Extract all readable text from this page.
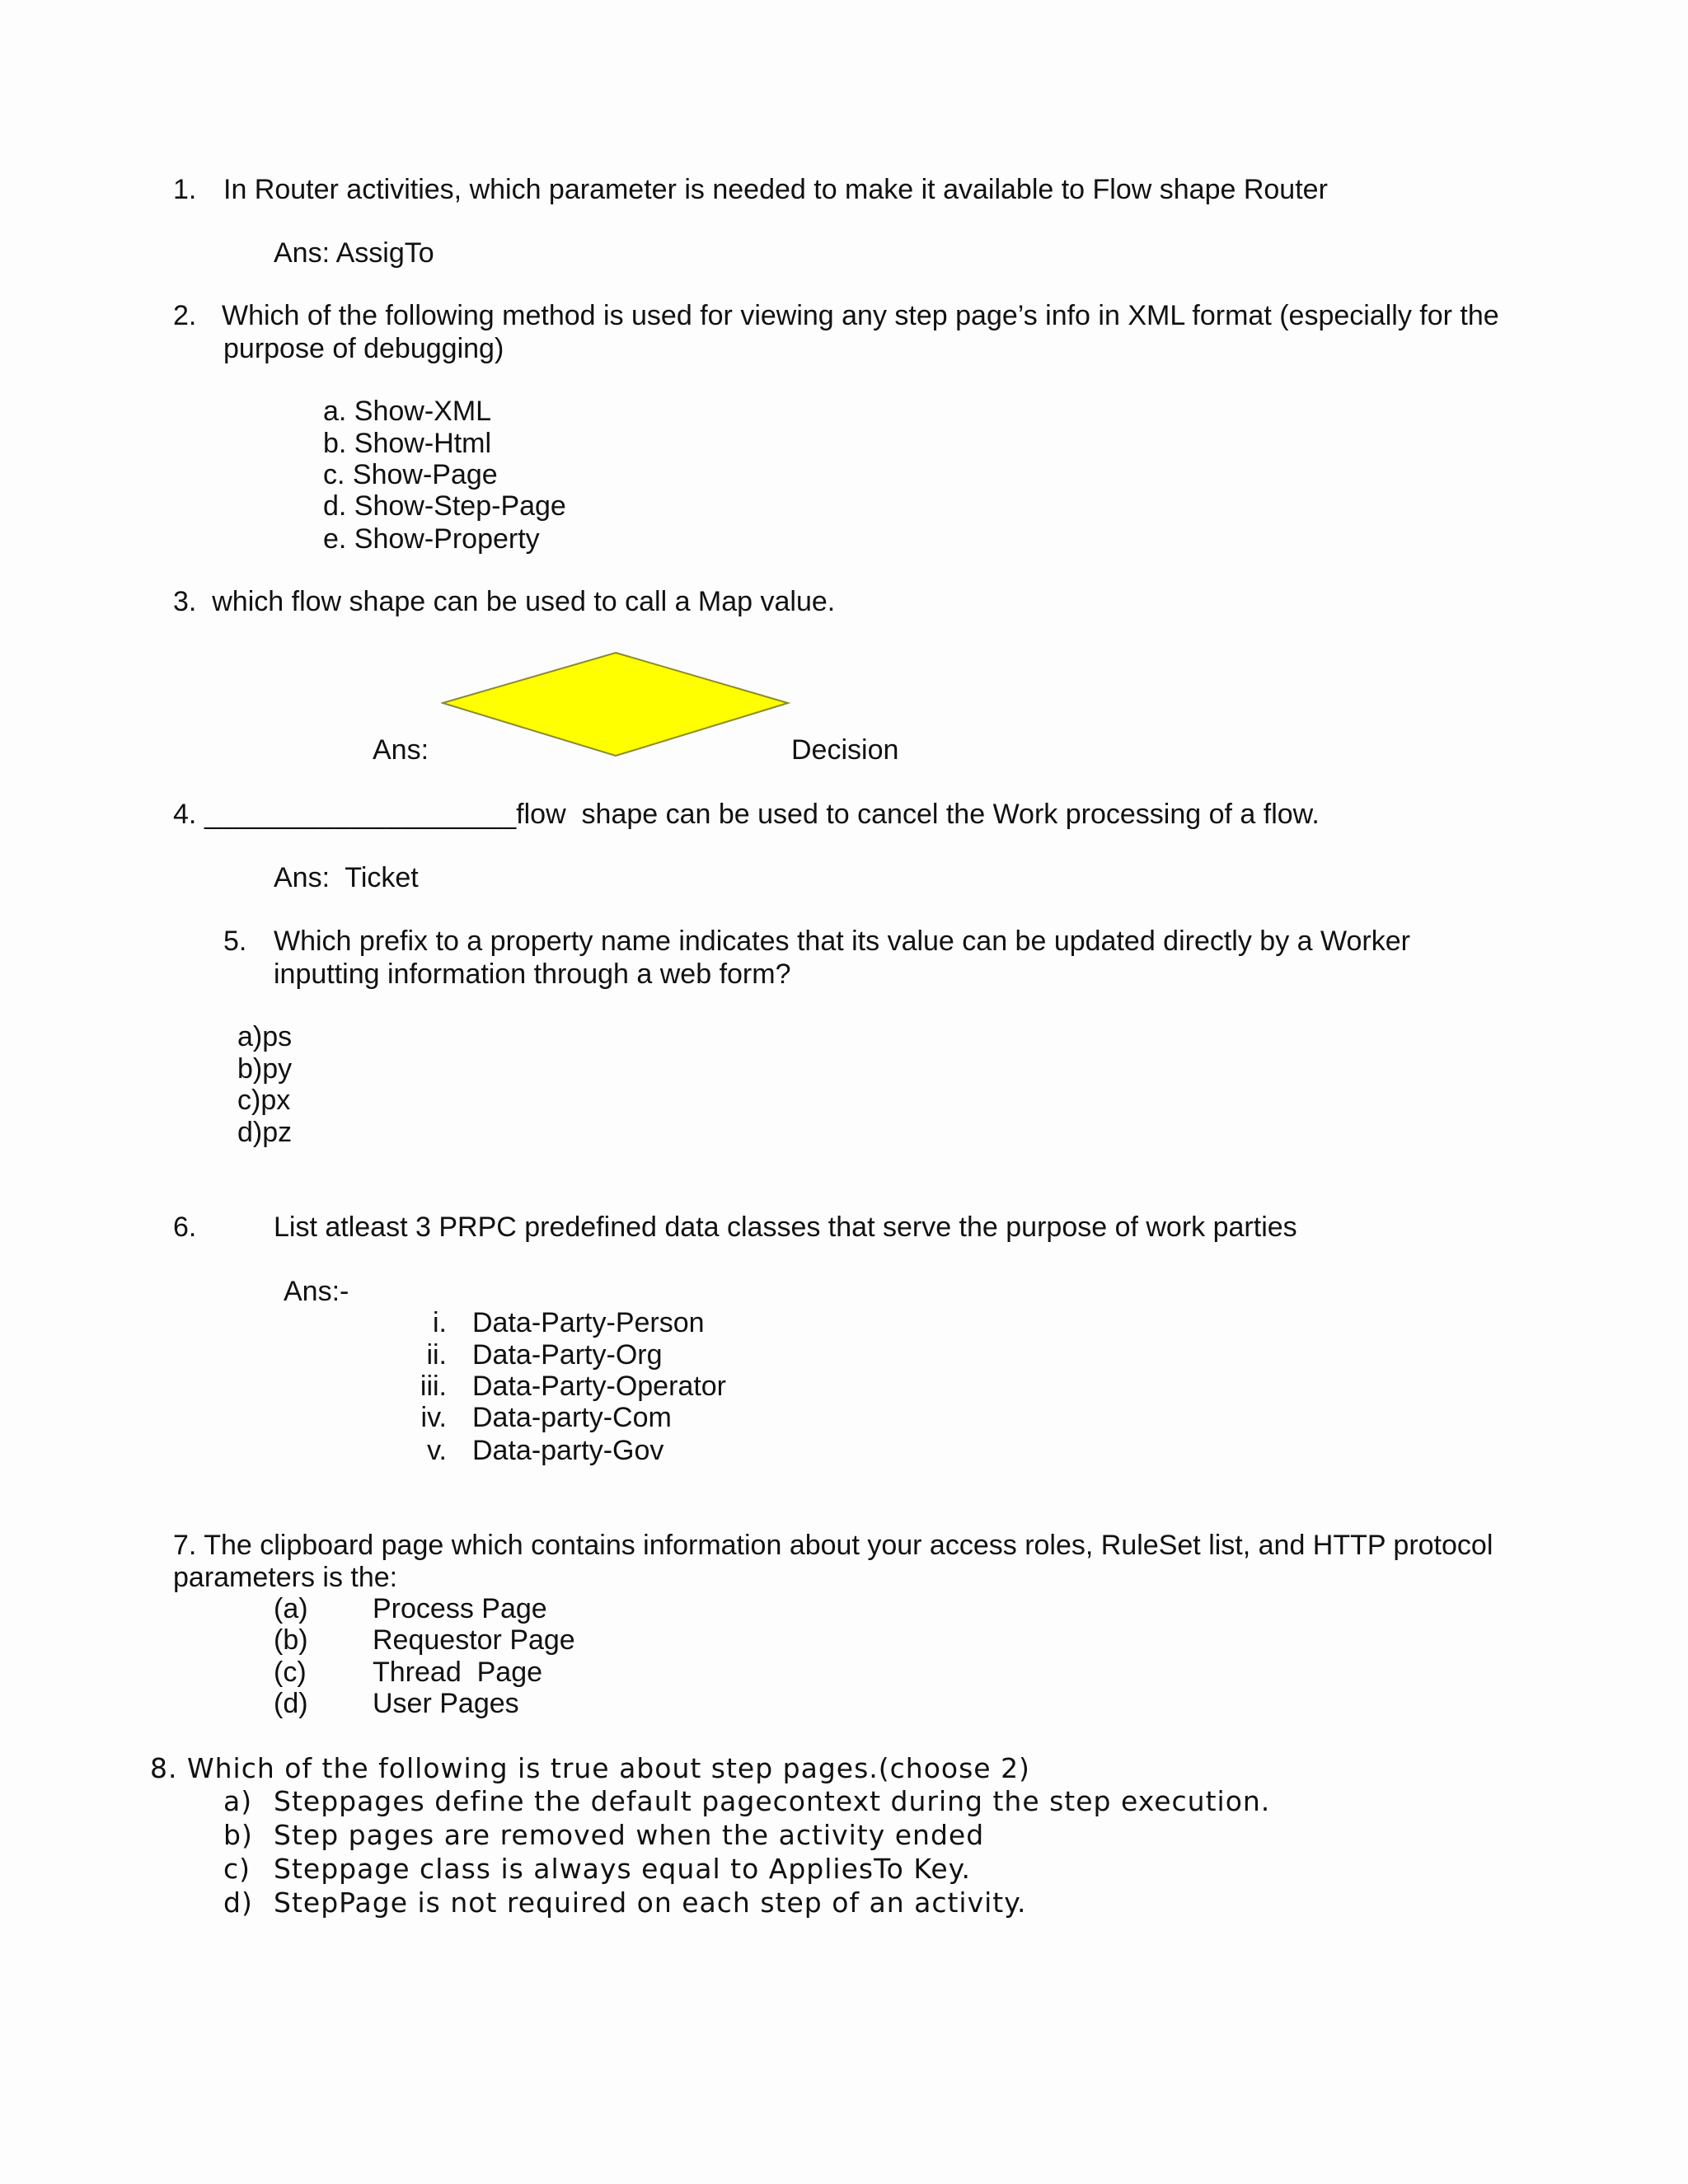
1. In Router activities, which parameter is needed to make it available to Flow shape Router
Ans: AssigTo
2. Which of the following method is used for viewing any step page’s info in XML format (especially for the
purpose of debugging)
a. Show-XML
b. Show-Html
c. Show-Page
d. Show-Step-Page
e. Show-Property
3.  which flow shape can be used to call a Map value.
Ans:	Decision
4. ____________________flow  shape can be used to cancel the Work processing of a flow.
Ans:  Ticket
5. Which prefix to a property name indicates that its value can be updated directly by a Worker
inputting information through a web form?
a)ps
b)py
c)px
d)pz
6.	List atleast 3 PRPC predefined data classes that serve the purpose of work parties
Ans:-
i. Data-Party-Person
ii. Data-Party-Org
iii. Data-Party-Operator
iv. Data-party-Com
v. Data-party-Gov
7. The clipboard page which contains information about your access roles, RuleSet list, and HTTP protocol
parameters is the:
(a) Process Page
(b) Requestor Page
(c) Thread  Page
(d) User Pages
8. Which of the following is true about step pages.(choose 2)
a) Steppages define the default pagecontext during the step execution.
b) Step pages are removed when the activity ended
c) Steppage class is always equal to AppliesTo Key.
d) StepPage is not required on each step of an activity.
